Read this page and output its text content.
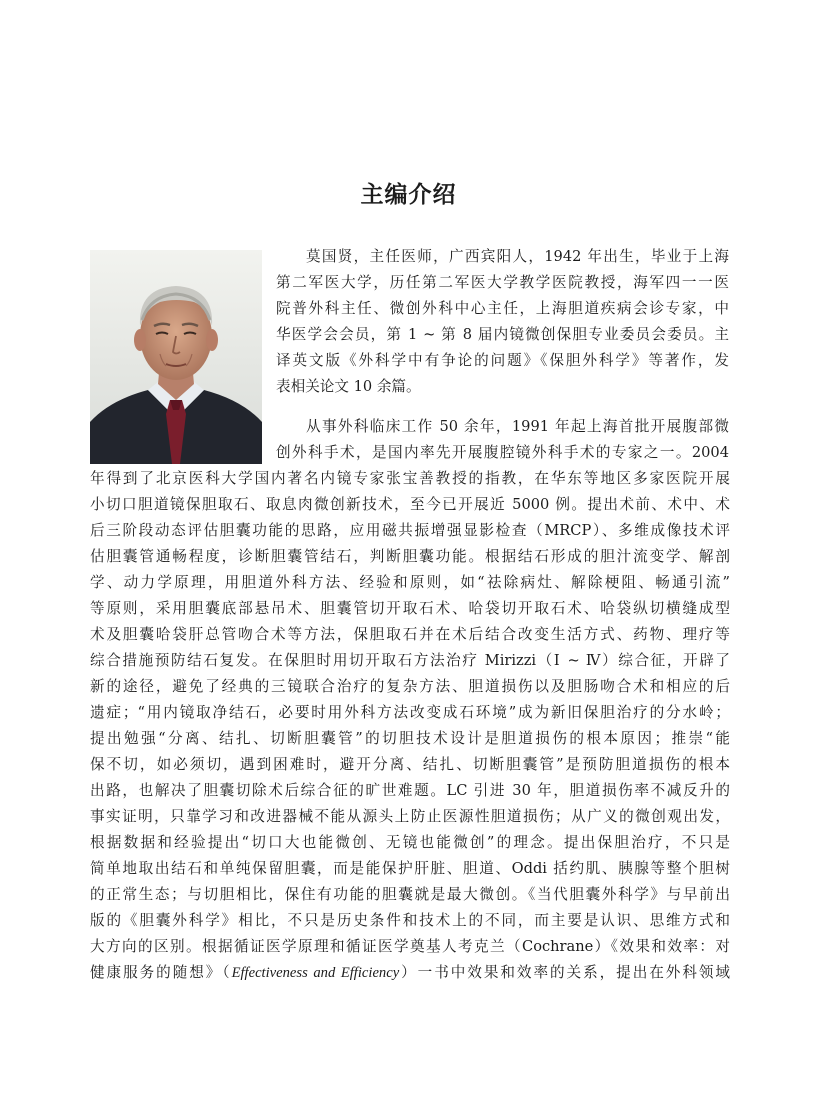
主编介绍
莫国贤，主任医师，广西宾阳人，1942 年出生，毕业于上海
第二军医大学，历任第二军医大学教学医院教授，海军四一一医
院普外科主任、微创外科中心主任，上海胆道疾病会诊专家，中
华医学会会员，第 1 ~ 第 8 届内镜微创保胆专业委员会委员。主
译英文版《外科学中有争论的问题》《保胆外科学》等著作，发
表相关论文 10 余篇。
从事外科临床工作 50 余年，1991 年起上海首批开展腹部微
创外科手术，是国内率先开展腹腔镜外科手术的专家之一。2004
年得到了北京医科大学国内著名内镜专家张宝善教授的指教，在华东等地区多家医院开展
小切口胆道镜保胆取石、取息肉微创新技术，至今已开展近 5000 例。提出术前、术中、术
后三阶段动态评估胆囊功能的思路，应用磁共振增强显影检查（MRCP）、多维成像技术评
估胆囊管通畅程度，诊断胆囊管结石，判断胆囊功能。根据结石形成的胆汁流变学、解剖
学、动力学原理，用胆道外科方法、经验和原则，如“祛除病灶、解除梗阻、畅通引流”
等原则，采用胆囊底部悬吊术、胆囊管切开取石术、哈袋切开取石术、哈袋纵切横缝成型
术及胆囊哈袋肝总管吻合术等方法，保胆取石并在术后结合改变生活方式、药物、理疗等
综合措施预防结石复发。在保胆时用切开取石方法治疗 Mirizzi（Ⅰ ~ Ⅳ）综合征，开辟了
新的途径，避免了经典的三镜联合治疗的复杂方法、胆道损伤以及胆肠吻合术和相应的后
遗症；“用内镜取净结石，必要时用外科方法改变成石环境”成为新旧保胆治疗的分水岭；
提出勉强“分离、结扎、切断胆囊管”的切胆技术设计是胆道损伤的根本原因；推崇“能
保不切，如必须切，遇到困难时，避开分离、结扎、切断胆囊管”是预防胆道损伤的根本
出路，也解决了胆囊切除术后综合征的旷世难题。LC 引进 30 年，胆道损伤率不减反升的
事实证明，只靠学习和改进器械不能从源头上防止医源性胆道损伤；从广义的微创观出发，
根据数据和经验提出“切口大也能微创、无镜也能微创”的理念。提出保胆治疗，不只是
简单地取出结石和单纯保留胆囊，而是能保护肝脏、胆道、Oddi 括约肌、胰腺等整个胆树
的正常生态；与切胆相比，保住有功能的胆囊就是最大微创。《当代胆囊外科学》与早前出
版的《胆囊外科学》相比，不只是历史条件和技术上的不同，而主要是认识、思维方式和
大方向的区别。根据循证医学原理和循证医学奠基人考克兰（Cochrane）《效果和效率：对
健康服务的随想》（Effectiveness and Efficiency）一书中效果和效率的关系，提出在外科领域
